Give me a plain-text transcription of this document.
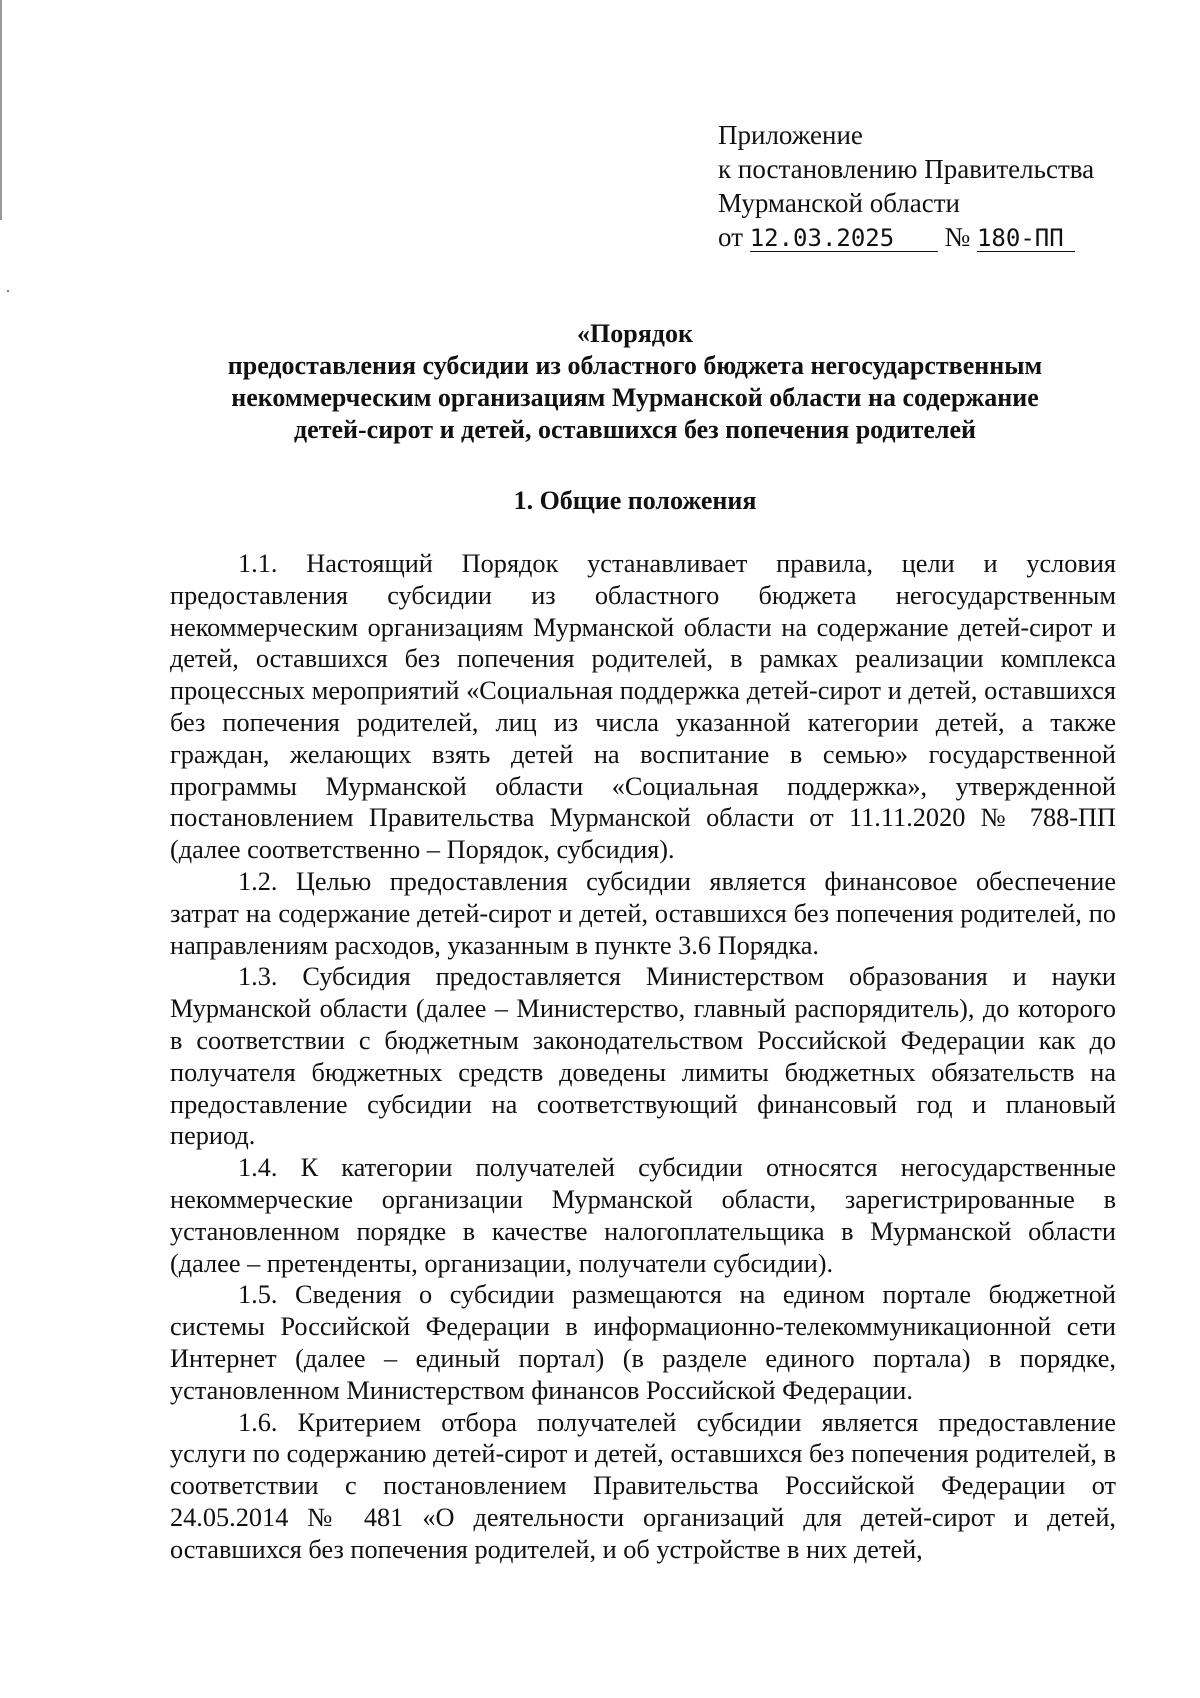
Приложение
к постановлению Правительства
Мурманской области
от 12.03.2025 № 180-ПП
«Порядок
предоставления субсидии из областного бюджета негосударственным
некоммерческим организациям Мурманской области на содержание
детей-сирот и детей, оставшихся без попечения родителей
1. Общие положения

1.1. Настоящий Порядок устанавливает правила, цели и условия предоставления субсидии из областного бюджета негосударственным некоммерческим организациям Мурманской области на содержание детей-сирот и детей, оставшихся без попечения родителей, в рамках реализации комплекса процессных мероприятий «Социальная поддержка детей-сирот и детей, оставшихся без попечения родителей, лиц из числа указанной категории детей, а также граждан, желающих взять детей на воспитание в семью» государственной программы Мурманской области «Социальная поддержка», утвержденной постановлением Правительства Мурманской области от 11.11.2020 № 788-ПП (далее соответственно – Порядок, субсидия).

1.2. Целью предоставления субсидии является финансовое обеспечение затрат на содержание детей-сирот и детей, оставшихся без попечения родителей, по направлениям расходов, указанным в пункте 3.6 Порядка.

1.3. Субсидия предоставляется Министерством образования и науки Мурманской области (далее – Министерство, главный распорядитель), до которого в соответствии с бюджетным законодательством Российской Федерации как до получателя бюджетных средств доведены лимиты бюджетных обязательств на предоставление субсидии на соответствующий финансовый год и плановый период.

1.4. К категории получателей субсидии относятся негосударственные некоммерческие организации Мурманской области, зарегистрированные в установленном порядке в качестве налогоплательщика в Мурманской области (далее – претенденты, организации, получатели субсидии).

1.5. Сведения о субсидии размещаются на едином портале бюджетной системы Российской Федерации в информационно-телекоммуникационной сети Интернет (далее – единый портал) (в разделе единого портала) в порядке, установленном Министерством финансов Российской Федерации.

1.6. Критерием отбора получателей субсидии является предоставление услуги по содержанию детей-сирот и детей, оставшихся без попечения родителей, в соответствии с постановлением Правительства Российской Федерации от 24.05.2014 № 481 «О деятельности организаций для детей-сирот и детей, оставшихся без попечения родителей, и об устройстве в них детей,
